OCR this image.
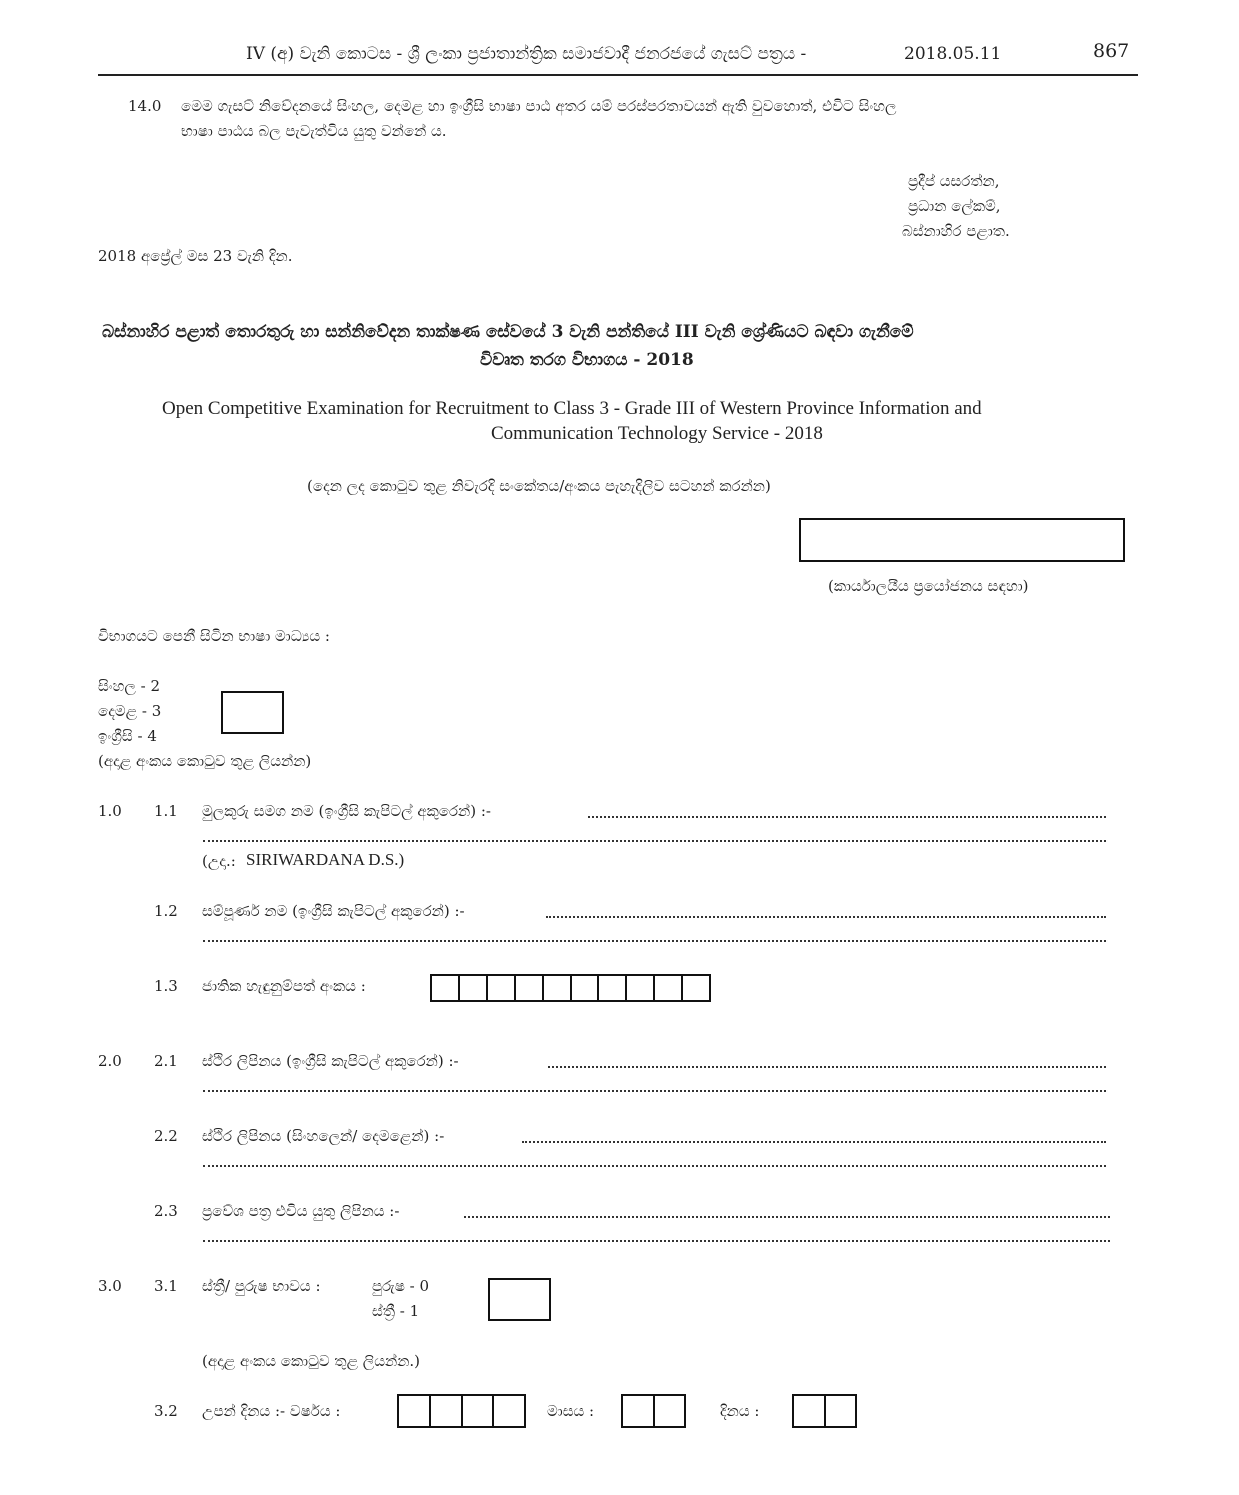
IV (අ) වැනි කොටස - ශ්‍රී ලංකා ප්‍රජාතාන්ත්‍රික සමාජවාදී ජනරජයේ ගැසට් පත්‍රය -	2018.05.11	867
14.0 මෙම ගැසට් නිවේදනයේ සිංහල, දෙමළ හා ඉංග්‍රීසි භාෂා පාඨ අතර යම් පරස්පරතාවයන් ඇති වුවහොත්, එවිට සිංහල
භාෂා පාඨය බල පැවැත්විය යුතු වන්නේ ය.
ප්‍රදීප් යසරත්න,
ප්‍රධාන ලේකම්,
බස්නාහිර පළාත.
2018 අප්‍රේල් මස 23 වැනි දින.
බස්නාහිර පළාත් තොරතුරු හා සන්නිවේදන තාක්ෂණ සේවයේ 3 වැනි පන්තියේ III වැනි ශ්‍රේණියට බඳවා ගැනීමේ
විවෘත තරග විභාගය - 2018
Open Competitive Examination for Recruitment to Class 3 - Grade III of Western Province Information and
Communication Technology Service - 2018
(දෙන ලද කොටුව තුළ නිවැරදි සංකේතය/අංකය පැහැදිලිව සටහන් කරන්න)
(කාර්යාලයීය ප්‍රයෝජනය සඳහා)
විභාගයට පෙනී සිටින භාෂා මාධ්‍යය :
සිංහල - 2
දෙමළ - 3
ඉංග්‍රීසි - 4
(අදාළ අංකය කොටුව තුළ ලියන්න)
1.0 1.1 මුලකුරු සමග නම (ඉංග්‍රීසි කැපිටල් අකුරෙන්) :-
(උදා.: SIRIWARDANA D.S.)
1.2 සම්පූර්ණ නම (ඉංග්‍රීසි කැපිටල් අකුරෙන්) :-
1.3 ජාතික හැඳුනුම්පත් අංකය :
2.0 2.1 ස්ථිර ලිපිනය (ඉංග්‍රීසි කැපිටල් අකුරෙන්) :-
2.2 ස්ථිර ලිපිනය (සිංහලෙන්/ දෙමළෙන්) :-
2.3 ප්‍රවේශ පත්‍ර එවිය යුතු ලිපිනය :-
3.0 3.1 ස්ත්‍රී/ පුරුෂ භාවය :	පුරුෂ - 0
ස්ත්‍රී - 1
(අදාළ අංකය කොටුව තුළ ලියන්න.)
3.2 උපන් දිනය :- වර්ෂය :	මාසය :	දිනය :
